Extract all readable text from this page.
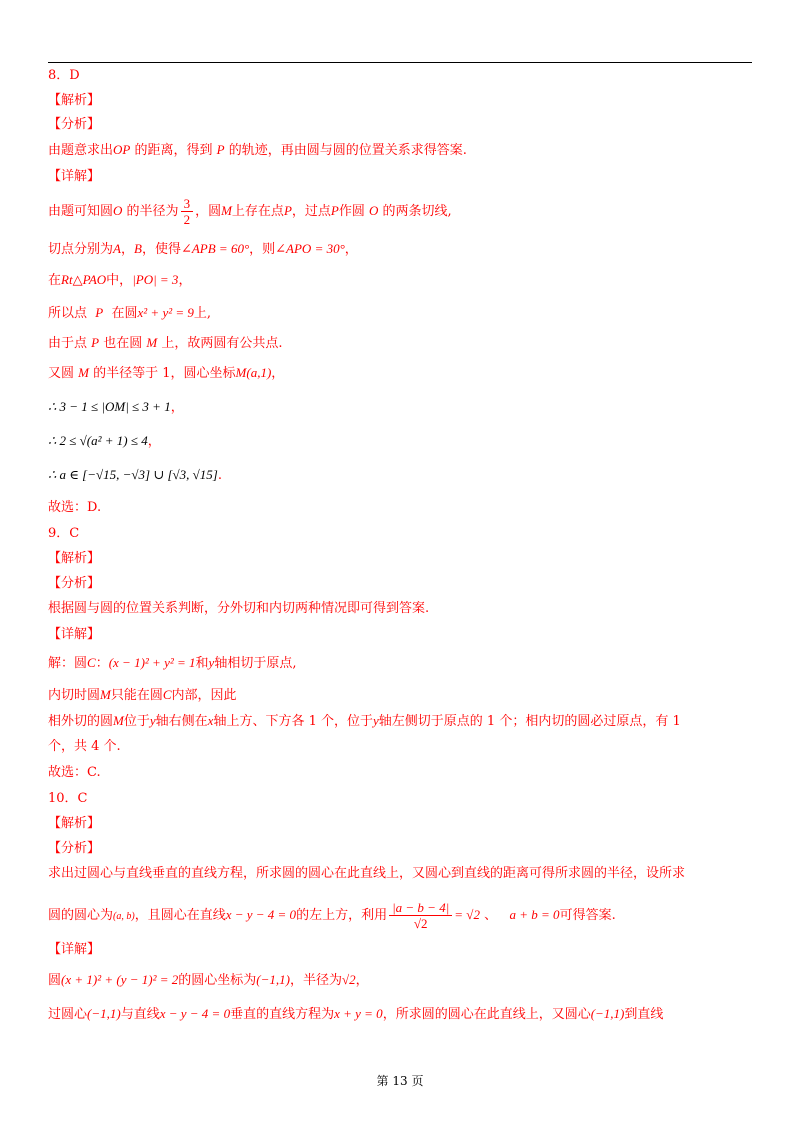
8．D
【解析】
【分析】
由题意求出OP 的距离，得到 P 的轨迹，再由圆与圆的位置关系求得答案.
【详解】
由题可知圆O 的半径为 $\frac{3}{2}$ ，圆M上存在点P，过点P作圆 O 的两条切线,
切点分别为A，B，使得∠APB = 60°，则∠APO = 30°，
在Rt△PAO中，|PO| = 3，
所以点 P 在圆x² + y² = 9上,
由于点 P 也在圆 M 上，故两圆有公共点.
又圆 M 的半径等于 1，圆心坐标M(a,1)，
∴ 3 − 1 ≤ |OM| ≤ 3 + 1，
∴ 2 ≤ √(a² + 1) ≤ 4，
∴ a ∈ [−√15, −√3] ∪ [√3, √15].
故选：D.
9．C
【解析】
【分析】
根据圆与圆的位置关系判断，分外切和内切两种情况即可得到答案.
【详解】
解：圆C：(x − 1)² + y² = 1和y轴相切于原点,
内切时圆M只能在圆C内部，因此
相外切的圆M位于y轴右侧在x轴上方、下方各 1 个，位于y轴左侧切于原点的 1 个；相内切的圆必过原点，有 1
个，共 4 个.
故选：C.
10．C
【解析】
【分析】
求出过圆心与直线垂直的直线方程，所求圆的圆心在此直线上，又圆心到直线的距离可得所求圆的半径，设所求
圆的圆心为(a, b)，且圆心在直线x − y − 4 = 0的左上方，利用 $\frac{|a - b - 4|}{√2} = √2$ 、 a + b = 0可得答案.
【详解】
圆(x + 1)² + (y − 1)² = 2的圆心坐标为(−1,1)，半径为√2，
过圆心(−1,1)与直线x − y − 4 = 0垂直的直线方程为x + y = 0，所求圆的圆心在此直线上，又圆心(−1,1)到直线
第 13 页
